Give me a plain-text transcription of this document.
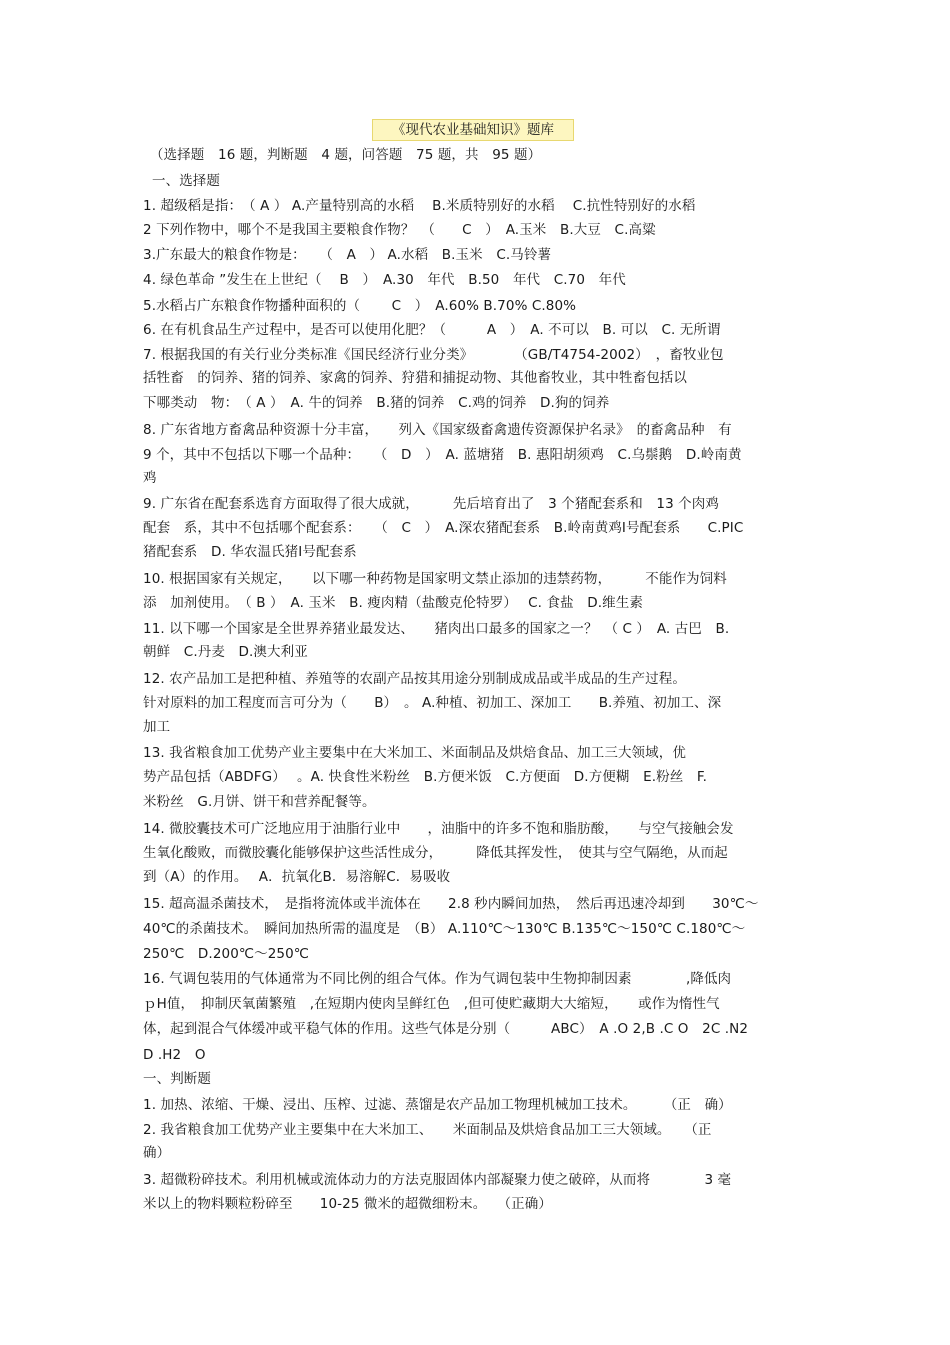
《现代农业基础知识》题库
（选择题　16 题，判断题　4 题，问答题　75 题，共　95 题）
一、选择题
1. 超级稻是指：　（ A ） A.产量特别高的水稻　 B.米质特别好的水稻　 C.抗性特别好的水稻
2 下列作物中，哪个不是我国主要粮食作物？　（　　C　）　A.玉米　B.大豆　C.高粱
3.广东最大的粮食作物是：　　（　A　） A.水稻　B.玉米　C.马铃薯
4. 绿色革命 ”发生在上世纪（　 B　）　A.30　年代　B.50　年代　C.70　年代
5.水稻占广东粮食作物播种面积的（　　 C　）　A.60% B.70% C.80%
6. 在有机食品生产过程中，是否可以使用化肥？（　　　A　）　A. 不可以　B. 可以　C. 无所谓
7. 根据我国的有关行业分类标准《国民经济行业分类》　　　　（GB/T4754-2002）　，畜牧业包
括牲畜　的饲养、猪的饲养、家禽的饲养、狩猎和捕捉动物、其他畜牧业，其中牲畜包括以
下哪类动　物：　（ A ）　A. 牛的饲养　B.猪的饲养　C.鸡的饲养　D.狗的饲养
8. 广东省地方畜禽品种资源十分丰富，　　列入《国家级畜禽遗传资源保护名录》　的畜禽品种　有
9 个，其中不包括以下哪一个品种：　　（　D　）　A. 蓝塘猪　B. 惠阳胡须鸡　C.乌鬃鹅　D.岭南黄
鸡
9. 广东省在配套系选育方面取得了很大成就，　　　先后培育出了　3 个猪配套系和　13 个肉鸡
配套　系，其中不包括哪个配套系：　　（　C　）　A.深农猪配套系　B.岭南黄鸡Ⅰ号配套系　　C.PIC
猪配套系　D. 华农温氏猪Ⅰ号配套系
10. 根据国家有关规定，　　以下哪一种药物是国家明文禁止添加的违禁药物，　　　不能作为饲料
添　加剂使用。　（ B ）　A. 玉米　B. 瘦肉精（盐酸克伦特罗）　 C. 食盐　D.维生素
11. 以下哪一个国家是全世界养猪业最发达、　　猪肉出口最多的国家之一？　（ C ）　A. 古巴　B.
朝鲜　C.丹麦　D.澳大利亚
12. 农产品加工是把种植、养殖等的农副产品按其用途分别制成成品或半成品的生产过程。
针对原料的加工程度而言可分为（　　B）　。 A.种植、初加工、深加工　　B.养殖、初加工、深
加工
13. 我省粮食加工优势产业主要集中在大米加工、米面制品及烘焙食品、加工三大领域，优
势产品包括（ABDFG）　 。A. 快食性米粉丝　B.方便米饭　C.方便面　D.方便糊　E.粉丝　F.
米粉丝　G.月饼、饼干和营养配餐等。
14. 微胶囊技术可广泛地应用于油脂行业中　　，油脂中的许多不饱和脂肪酸，　　与空气接触会发
生氧化酸败，而微胶囊化能够保护这些活性成分，　　　降低其挥发性，　使其与空气隔绝，从而起
到（A）的作用。　 A．抗氧化B．易溶解C．易吸收
15. 超高温杀菌技术，　是指将流体或半流体在　　2.8 秒内瞬间加热，　然后再迅速冷却到　　30℃～
40℃的杀菌技术。　瞬间加热所需的温度是　（B） A.110℃～130℃ B.135℃～150℃ C.180℃～
250℃　D.200℃～250℃
16. 气调包装用的气体通常为不同比例的组合气体。作为气调包装中生物抑制因素　　　　,降低肉
ｐH值，　抑制厌氧菌繁殖　,在短期内使肉呈鲜红色　,但可使贮藏期大大缩短，　　或作为惰性气
体，起到混合气体缓冲或平稳气体的作用。这些气体是分别（　　　ABC）　A .O 2,B .C O　2C .N2
D .H2　O
一、判断题
1. 加热、浓缩、干燥、浸出、压榨、过滤、蒸馏是农产品加工物理机械加工技术。　　　（正　确）
2. 我省粮食加工优势产业主要集中在大米加工、　　米面制品及烘焙食品加工三大领域。　　（正
确）
3. 超微粉碎技术。利用机械或流体动力的方法克服固体内部凝聚力使之破碎，从而将　　　　3 毫
米以上的物料颗粒粉碎至　　10-25 微米的超微细粉末。　 （正确）
